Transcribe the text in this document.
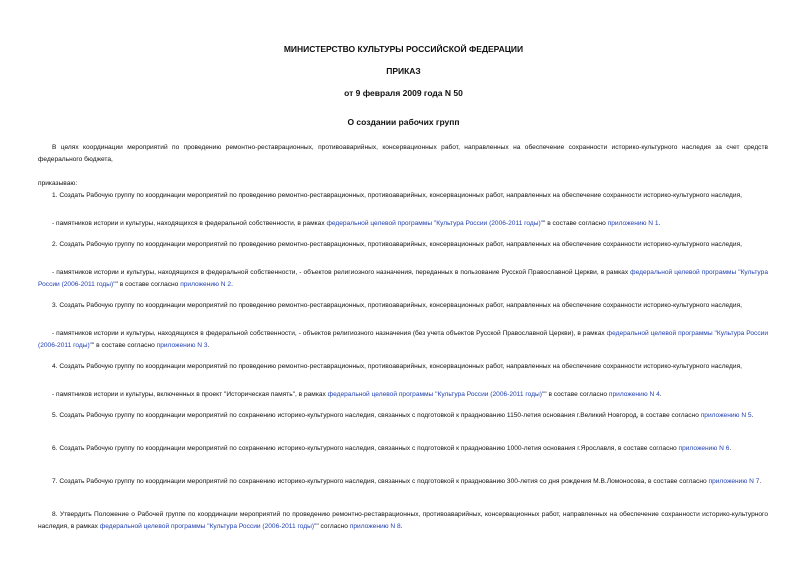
МИНИСТЕРСТВО КУЛЬТУРЫ РОССИЙСКОЙ ФЕДЕРАЦИИ
ПРИКАЗ
от 9 февраля 2009 года N 50
О создании рабочих групп

В целях координации мероприятий по проведению ремонтно-реставрационных, противоаварийных, консервационных работ, направленных на обеспечение сохранности историко-культурного наследия за счет средств федерального бюджета,

приказываю:

1. Создать Рабочую группу по координации мероприятий по проведению ремонтно-реставрационных, противоаварийных, консервационных работ, направленных на обеспечение сохранности историко-культурного наследия,

- памятников истории и культуры, находящихся в федеральной собственности, в рамках федеральной целевой программы "Культура России (2006-2011 годы)"" в составе согласно приложению N 1.

2. Создать Рабочую группу по координации мероприятий по проведению ремонтно-реставрационных, противоаварийных, консервационных работ, направленных на обеспечение сохранности историко-культурного наследия,

- памятников истории и культуры, находящихся в федеральной собственности, - объектов религиозного назначения, переданных в пользование Русской Православной Церкви, в рамках федеральной целевой программы "Культура России (2006-2011 годы)"" в составе согласно приложению N 2.

3. Создать Рабочую группу по координации мероприятий по проведению ремонтно-реставрационных, противоаварийных, консервационных работ, направленных на обеспечение сохранности историко-культурного наследия,

- памятников истории и культуры, находящихся в федеральной собственности, - объектов религиозного назначения (без учета объектов Русской Православной Церкви), в рамках федеральной целевой программы "Культура России (2006-2011 годы)"" в составе согласно приложению N 3.

4. Создать Рабочую группу по координации мероприятий по проведению ремонтно-реставрационных, противоаварийных, консервационных работ, направленных на обеспечение сохранности историко-культурного наследия,

- памятников истории и культуры, включенных в проект "Историческая память", в рамках федеральной целевой программы "Культура России (2006-2011 годы)"" в составе согласно приложению N 4.

5. Создать Рабочую группу по координации мероприятий по сохранению историко-культурного наследия, связанных с подготовкой к празднованию 1150-летия основания г.Великий Новгород, в составе согласно приложению N 5.

6. Создать Рабочую группу по координации мероприятий по сохранению историко-культурного наследия, связанных с подготовкой к празднованию 1000-летия основания г.Ярославля, в составе согласно приложению N 6.

7. Создать Рабочую группу по координации мероприятий по сохранению историко-культурного наследия, связанных с подготовкой к празднованию 300-летия со дня рождения М.В.Ломоносова, в составе согласно приложению N 7.

8. Утвердить Положение о Рабочей группе по координации мероприятий по проведению ремонтно-реставрационных, противоаварийных, консервационных работ, направленных на обеспечение сохранности историко-культурного наследия, в рамках федеральной целевой программы "Культура России (2006-2011 годы)"" согласно приложению N 8.
